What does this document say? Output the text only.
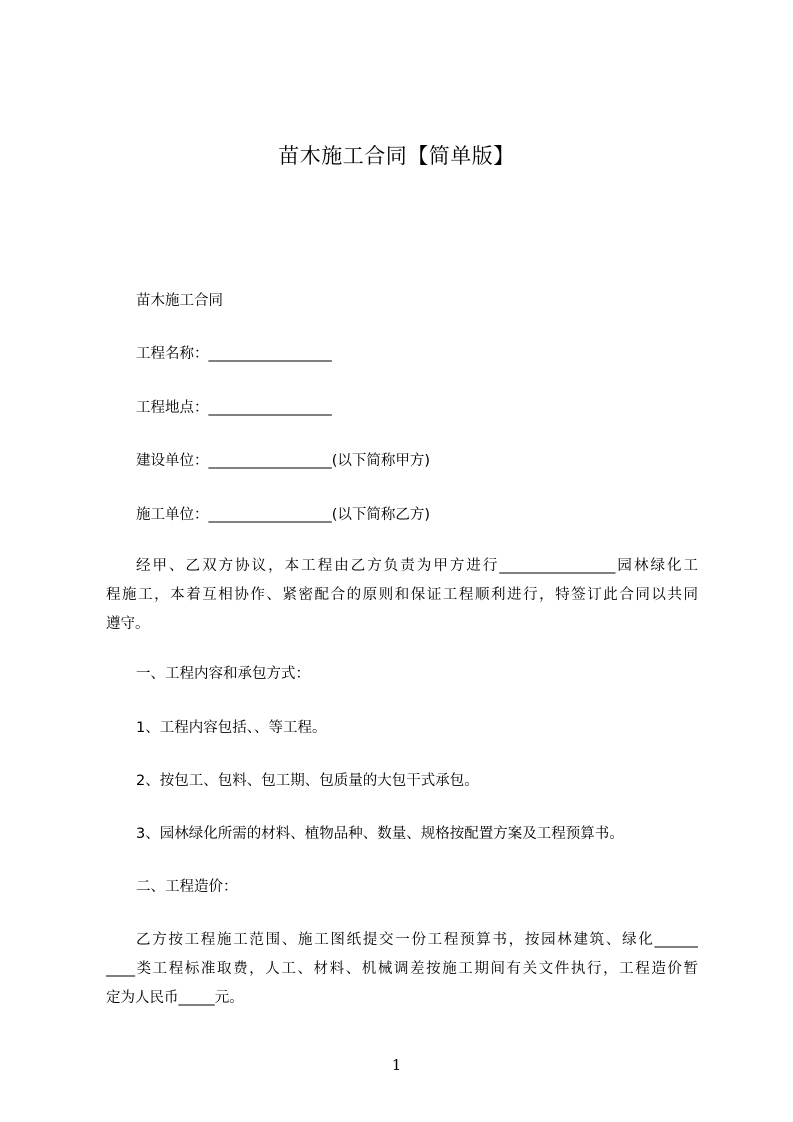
苗木施工合同【简单版】
苗木施工合同
工程名称：_________________
工程地点：_________________
建设单位：_________________(以下简称甲方)
施工单位：_________________(以下简称乙方)
经甲、乙双方协议，本工程由乙方负责为甲方进行________________园林绿化工
程施工，本着互相协作、紧密配合的原则和保证工程顺利进行，特签订此合同以共同
遵守。
一、工程内容和承包方式：
1、工程内容包括、、等工程。
2、按包工、包料、包工期、包质量的大包干式承包。
3、园林绿化所需的材料、植物品种、数量、规格按配置方案及工程预算书。
二、工程造价：
乙方按工程施工范围、施工图纸提交一份工程预算书，按园林建筑、绿化______
____类工程标准取费，人工、材料、机械调差按施工期间有关文件执行，工程造价暂
定为人民币_____元。
1
